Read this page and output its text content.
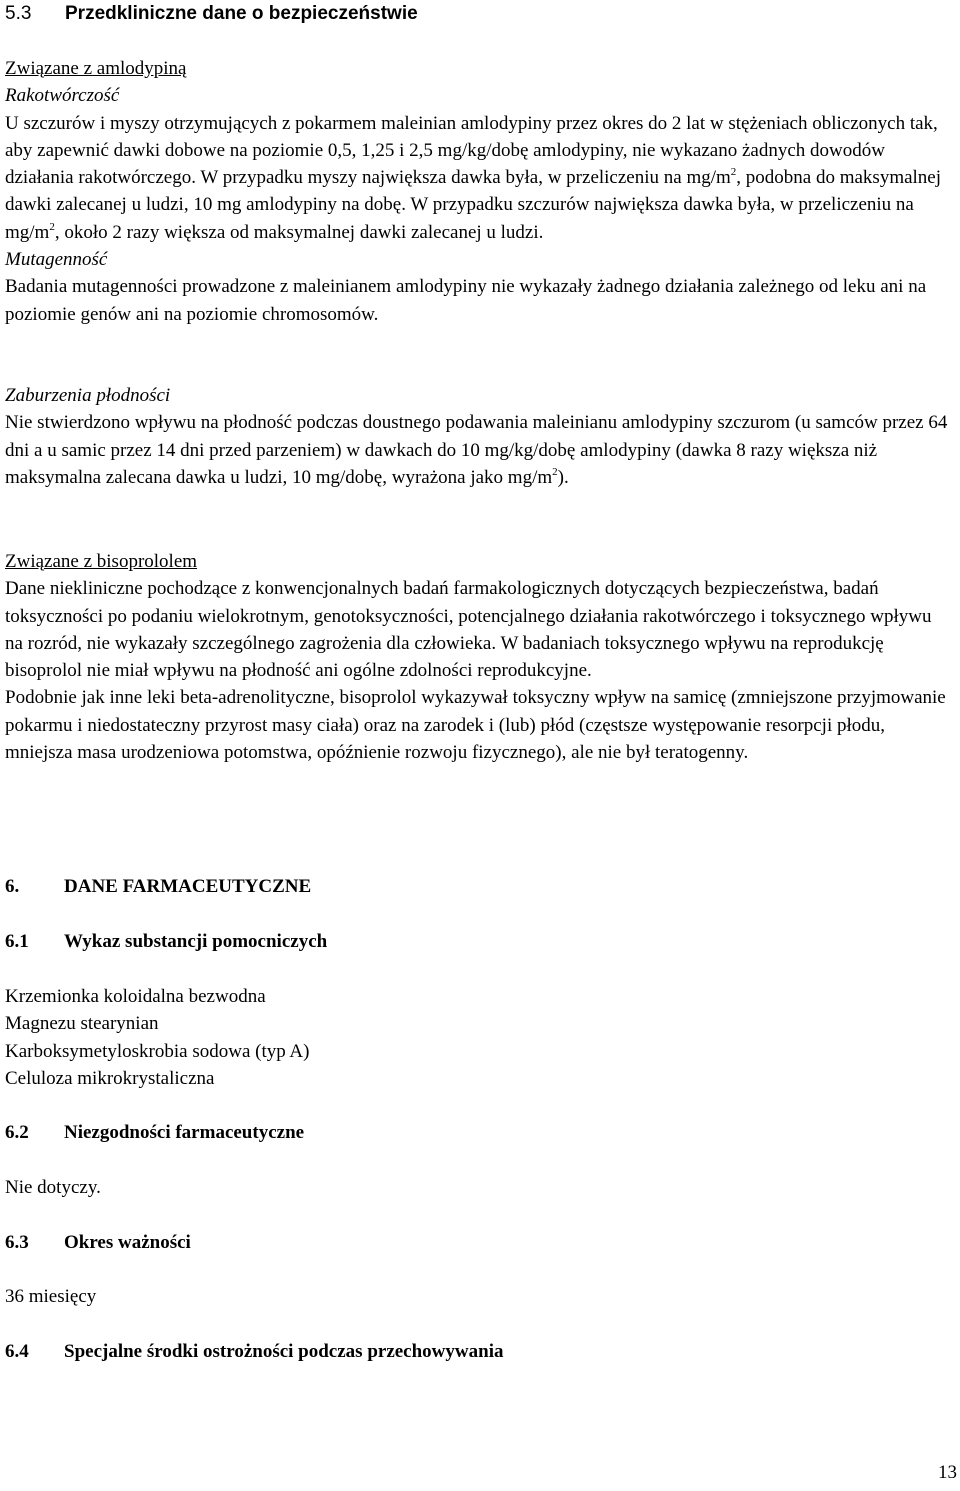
5.3 Przedkliniczne dane o bezpieczeństwie

Związane z amlodypiną

Rakotwórczość

U szczurów i myszy otrzymujących z pokarmem maleinian amlodypiny przez okres do 2 lat w stężeniach obliczonych tak, aby zapewnić dawki dobowe na poziomie 0,5, 1,25 i 2,5 mg/kg/dobę amlodypiny, nie wykazano żadnych dowodów działania rakotwórczego. W przypadku myszy największa dawka była, w przeliczeniu na $mg/m^2$, podobna do maksymalnej dawki zalecanej u ludzi, 10 mg amlodypiny na dobę. W przypadku szczurów największa dawka była, w przeliczeniu na $mg/m^2$, około 2 razy większa od maksymalnej dawki zalecanej u ludzi.

Mutagenność

Badania mutagenności prowadzone z maleinianem amlodypiny nie wykazały żadnego działania zależnego od leku ani na poziomie genów ani na poziomie chromosomów.

Zaburzenia płodności

Nie stwierdzono wpływu na płodność podczas doustnego podawania maleinianu amlodypiny szczurom (u samców przez 64 dni a u samic przez 14 dni przed parzeniem) w dawkach do 10 mg/kg/dobę amlodypiny (dawka 8 razy większa niż maksymalna zalecana dawka u ludzi, 10 mg/dobę, wyrażona jako $mg/m^2$).

Związane z bisoprololem

Dane niekliniczne pochodzące z konwencjonalnych badań farmakologicznych dotyczących bezpieczeństwa, badań toksyczności po podaniu wielokrotnym, genotoksyczności, potencjalnego działania rakotwórczego i toksycznego wpływu na rozród, nie wykazały szczególnego zagrożenia dla człowieka. W badaniach toksycznego wpływu na reprodukcję bisoprolol nie miał wpływu na płodność ani ogólne zdolności reprodukcyjne.

Podobnie jak inne leki beta-adrenolityczne, bisoprolol wykazywał toksyczny wpływ na samicę (zmniejszone przyjmowanie pokarmu i niedostateczny przyrost masy ciała) oraz na zarodek i (lub) płód (częstsze występowanie resorpcji płodu, mniejsza masa urodzeniowa potomstwa, opóźnienie rozwoju fizycznego), ale nie był teratogenny.

6. DANE FARMACEUTYCZNE

6.1 Wykaz substancji pomocniczych

Krzemionka koloidalna bezwodna

Magnezu stearynian

Karboksymetyloskrobia sodowa (typ A)

Celuloza mikrokrystaliczna

6.2 Niezgodności farmaceutyczne

Nie dotyczy.

6.3 Okres ważności

36 miesięcy

6.4 Specjalne środki ostrożności podczas przechowywania

13
